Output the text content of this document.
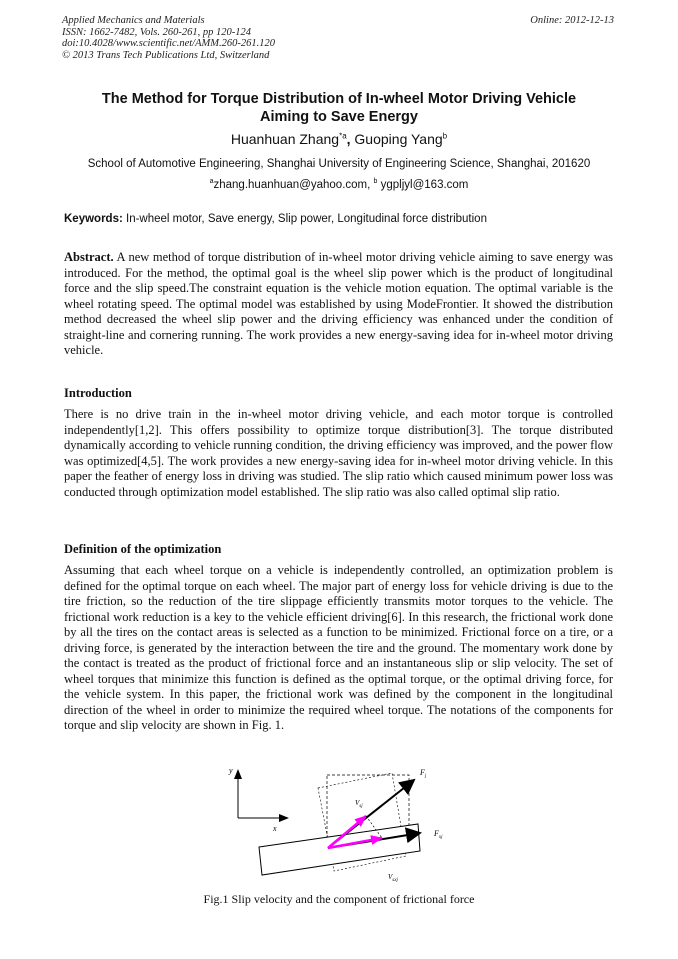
Applied Mechanics and Materials
ISSN: 1662-7482, Vols. 260-261, pp 120-124
doi:10.4028/www.scientific.net/AMM.260-261.120
© 2013 Trans Tech Publications Ltd, Switzerland
Online: 2012-12-13
The Method for Torque Distribution of In-wheel Motor Driving Vehicle
Aiming to Save Energy
Huanhuan Zhang$^{*a}$, Guoping Yang$^b$
School of Automotive Engineering, Shanghai University of Engineering Science, Shanghai, 201620
$^a$zhang.huanhuan@yahoo.com, $^b$ ygpljyl@163.com
Keywords: In-wheel motor, Save energy, Slip power, Longitudinal force distribution
Abstract. A new method of torque distribution of in-wheel motor driving vehicle aiming to save energy was introduced. For the method, the optimal goal is the wheel slip power which is the product of longitudinal force and the slip speed.The constraint equation is the vehicle motion equation. The optimal variable is the wheel rotating speed. The optimal model was established by using ModeFrontier. It showed the distribution method decreased the wheel slip power and the driving efficiency was enhanced under the condition of straight-line and cornering running. The work provides a new energy-saving idea for in-wheel motor driving vehicle.
Introduction
There is no drive train in the in-wheel motor driving vehicle, and each motor torque is controlled independently[1,2]. This offers possibility to optimize torque distribution[3]. The torque distributed dynamically according to vehicle running condition, the driving efficiency was improved, and the power flow was optimized[4,5]. The work provides a new energy-saving idea for in-wheel motor driving vehicle. In this paper the feather of energy loss in driving was studied. The slip ratio which caused minimum power loss was conducted through optimization model established. The slip ratio was also called optimal slip ratio.
Definition of the optimization
Assuming that each wheel torque on a vehicle is independently controlled, an optimization problem is defined for the optimal torque on each wheel. The major part of energy loss for vehicle driving is due to the tire friction, so the reduction of the tire slippage efficiently transmits motor torques to the vehicle. The frictional work reduction is a key to the vehicle efficient driving[6]. In this research, the frictional work done by all the tires on the contact areas is selected as a function to be minimized. Frictional force on a tire, or a driving force, is generated by the interaction between the tire and the ground. The momentary work done by the contact is treated as the product of frictional force and an instantaneous slip or slip velocity. The set of wheel torques that minimize this function is defined as the optimal torque, or the optimal driving force, for the vehicle system. In this paper, the frictional work was defined by the component in the longitudinal direction of the wheel in order to minimize the required wheel torque. The notations of the components for torque and slip velocity are shown in Fig. 1.
y
x
$F_j$
$V_{sj}$
$F_{xj}$
$V_{sxj}$
Fig.1 Slip velocity and the component of frictional force
